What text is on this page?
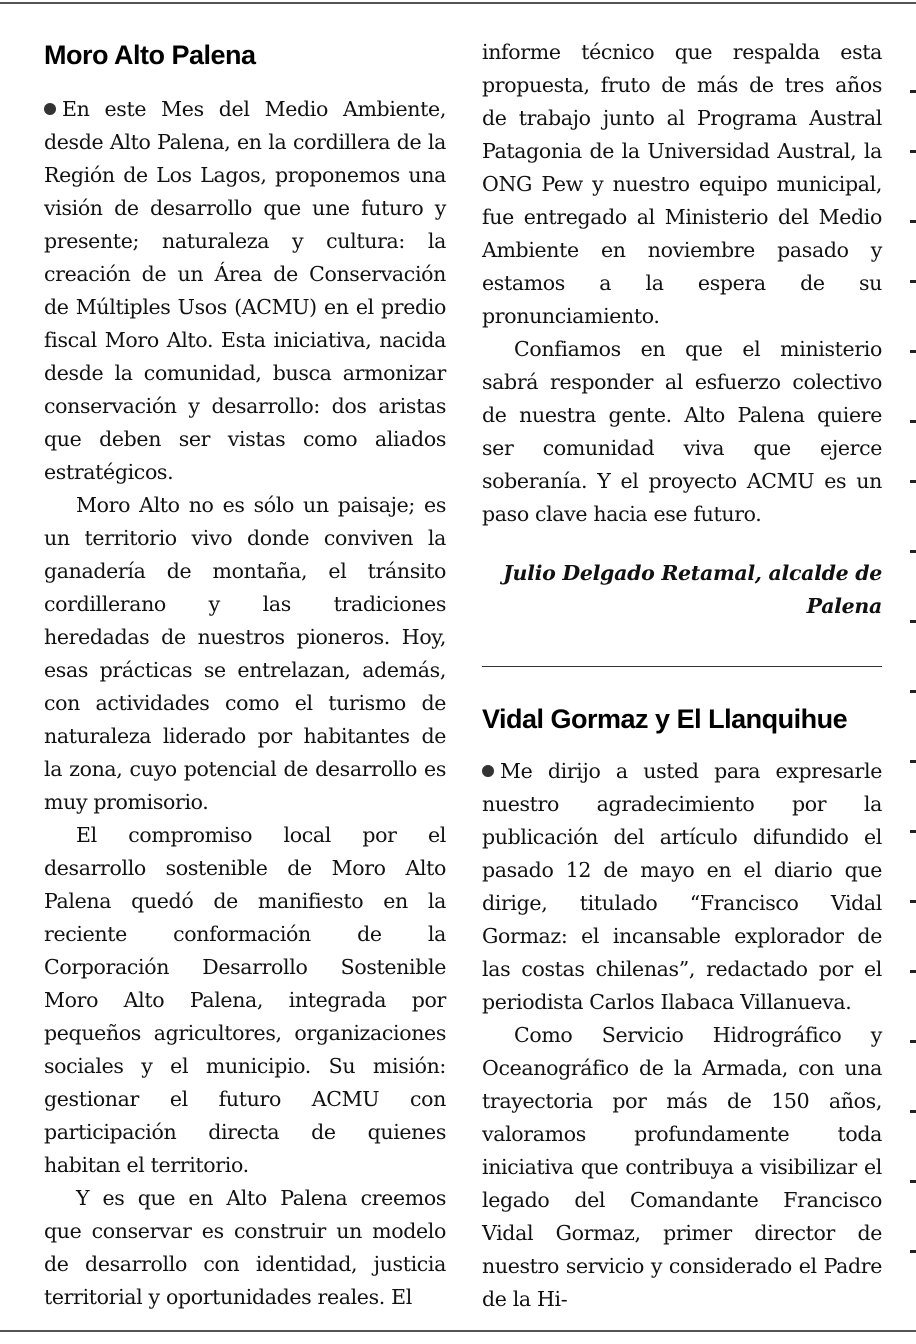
Moro Alto Palena

En este Mes del Medio Ambiente, desde Alto Palena, en la cordillera de la Región de Los Lagos, proponemos una visión de desarrollo que une futuro y presente; naturaleza y cultura: la creación de un Área de Conservación de Múltiples Usos (ACMU) en el predio fiscal Moro Alto. Esta iniciativa, nacida desde la comunidad, busca armonizar conservación y desarrollo: dos aristas que deben ser vistas como aliados estratégicos.

Moro Alto no es sólo un paisaje; es un territorio vivo donde conviven la ganadería de montaña, el tránsito cordillerano y las tradiciones heredadas de nuestros pioneros. Hoy, esas prácticas se entrelazan, además, con actividades como el turismo de naturaleza liderado por habitantes de la zona, cuyo potencial de desarrollo es muy promisorio.

El compromiso local por el desarrollo sostenible de Moro Alto Palena quedó de manifiesto en la reciente conformación de la Corporación Desarrollo Sostenible Moro Alto Palena, integrada por pequeños agricultores, organizaciones sociales y el municipio. Su misión: gestionar el futuro ACMU con participación directa de quienes habitan el territorio.

Y es que en Alto Palena creemos que conservar es construir un modelo de desarrollo con identidad, justicia territorial y oportunidades reales. El

informe técnico que respalda esta propuesta, fruto de más de tres años de trabajo junto al Programa Austral Patagonia de la Universidad Austral, la ONG Pew y nuestro equipo municipal, fue entregado al Ministerio del Medio Ambiente en noviembre pasado y estamos a la espera de su pronunciamiento.

Confiamos en que el ministerio sabrá responder al esfuerzo colectivo de nuestra gente. Alto Palena quiere ser comunidad viva que ejerce soberanía. Y el proyecto ACMU es un paso clave hacia ese futuro.

Julio Delgado Retamal, alcalde de Palena

Vidal Gormaz y El Llanquihue

Me dirijo a usted para expresarle nuestro agradecimiento por la publicación del artículo difundido el pasado 12 de mayo en el diario que dirige, titulado “Francisco Vidal Gormaz: el incansable explorador de las costas chilenas”, redactado por el periodista Carlos Ilabaca Villanueva.

Como Servicio Hidrográfico y Oceanográfico de la Armada, con una trayectoria por más de 150 años, valoramos profundamente toda iniciativa que contribuya a visibilizar el legado del Comandante Francisco Vidal Gormaz, primer director de nuestro servicio y considerado el Padre de la Hi-
